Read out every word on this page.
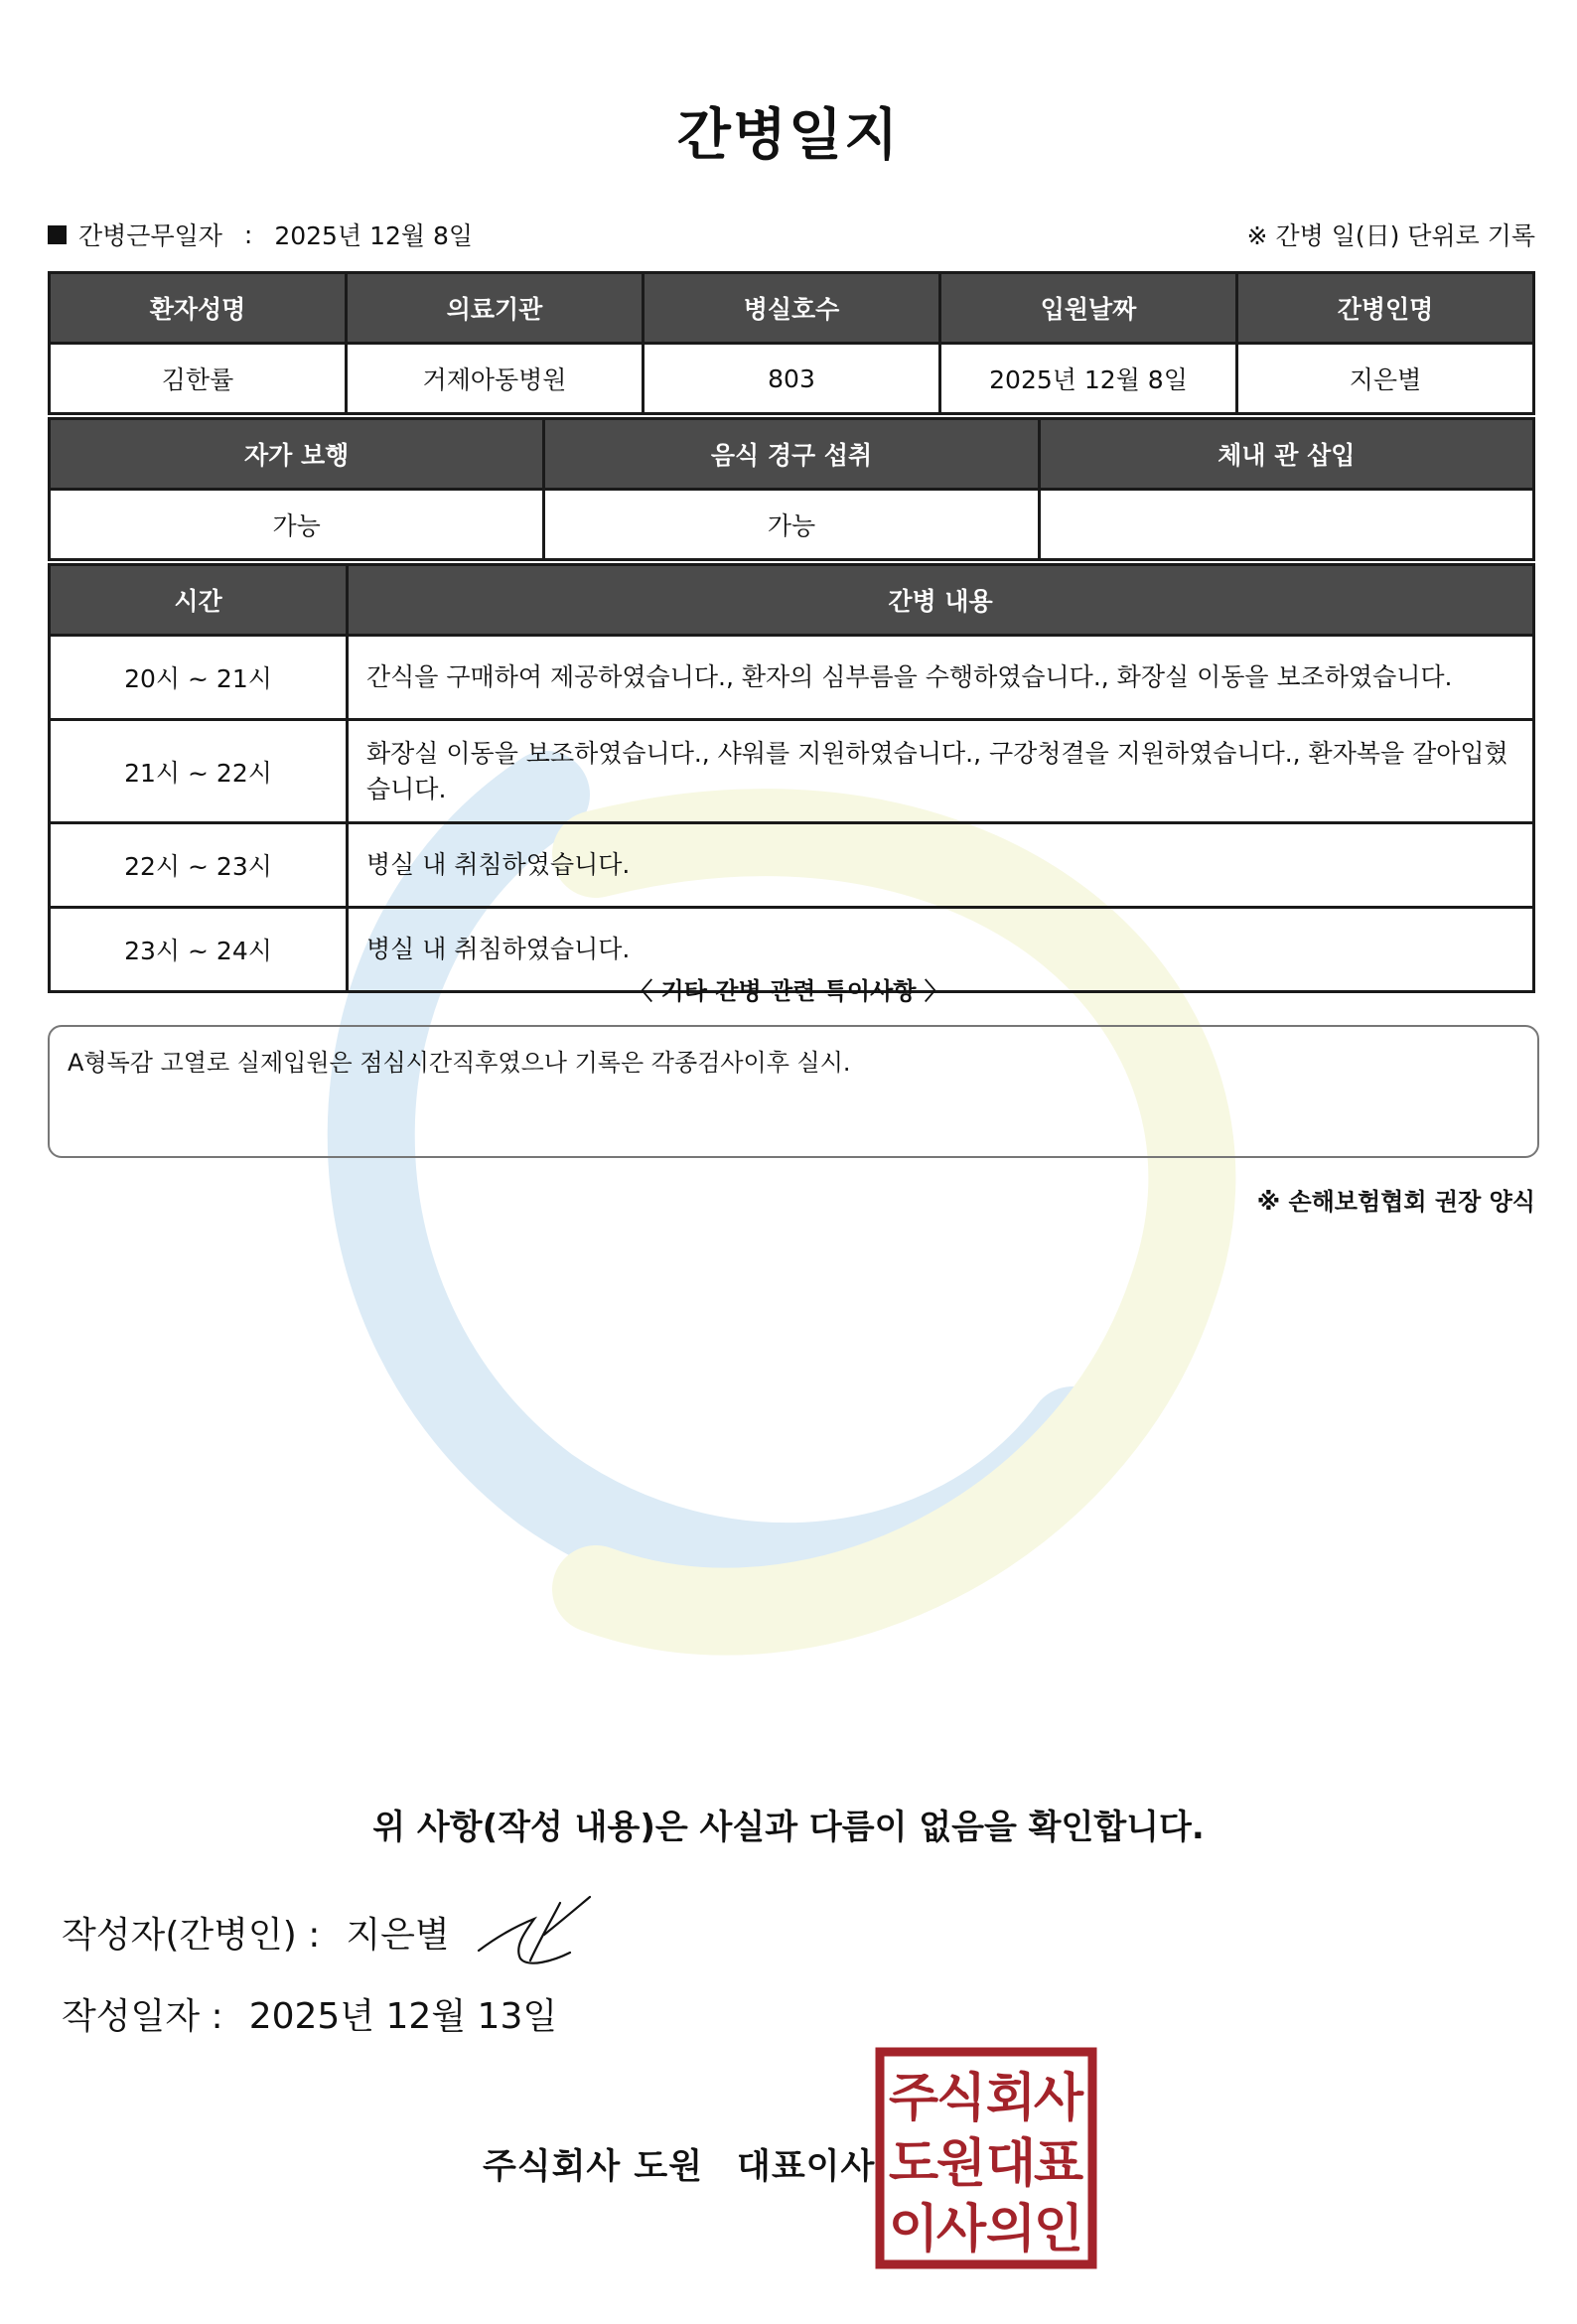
간병일지
간병근무일자 : 2025년 12월 8일	※ 간병 일(日) 단위로 기록
환자성명	의료기관	병실호수	입원날짜	간병인명
김한률	거제아동병원	803	2025년 12월 8일	지은별
자가 보행	음식 경구 섭취	체내 관 삽입
가능	가능	
시간	간병 내용
20시 ~ 21시	간식을 구매하여 제공하였습니다., 환자의 심부름을 수행하였습니다., 화장실 이동을 보조하였습니다.
21시 ~ 22시	화장실 이동을 보조하였습니다., 샤워를 지원하였습니다., 구강청결을 지원하였습니다., 환자복을 갈아입혔습니다.
22시 ~ 23시	병실 내 취침하였습니다.
23시 ~ 24시	병실 내 취침하였습니다.
〈 기타 간병 관련 특이사항 〉
A형독감 고열로 실제입원은 점심시간직후였으나 기록은 각종검사이후 실시.
※ 손해보험협회 권장 양식
위 사항(작성 내용)은 사실과 다름이 없음을 확인합니다.
작성자(간병인) : 지은별
작성일자 : 2025년 12월 13일
주식회사 도원 대표이사
주
식 회
사
도
원 대
표
이
사 의
인
